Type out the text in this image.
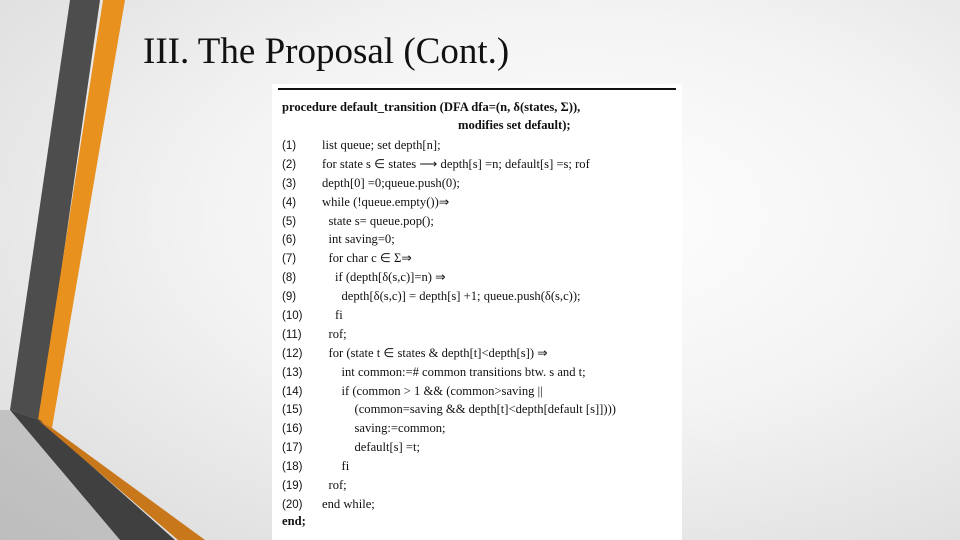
III. The Proposal (Cont.)
procedure default_transition (DFA dfa=(n, δ(states, Σ)),
modifies set default);
(1) list queue; set depth[n];
(2) for state s ∈ states ⟶ depth[s] =n; default[s] =s; rof
(3) depth[0] =0;queue.push(0);
(4) while (!queue.empty())⇒
(5)	state s= queue.pop();
(6)	int saving=0;
(7)	for char c ∈ Σ⇒
(8)	if (depth[δ(s,c)]=n) ⇒
(9)	depth[δ(s,c)] = depth[s] +1; queue.push(δ(s,c));
(10)	fi
(11) rof;
(12) for (state t ∈ states & depth[t]<depth[s]) ⇒
(13)	int common:=# common transitions btw. s and t;
(14)	if (common > 1 && (common>saving ||
(15)	(common=saving && depth[t]<depth[default [s]])))
(16)	saving:=common;
(17)	default[s] =t;
(18)	fi
(19) rof;
(20) end while;
end;
